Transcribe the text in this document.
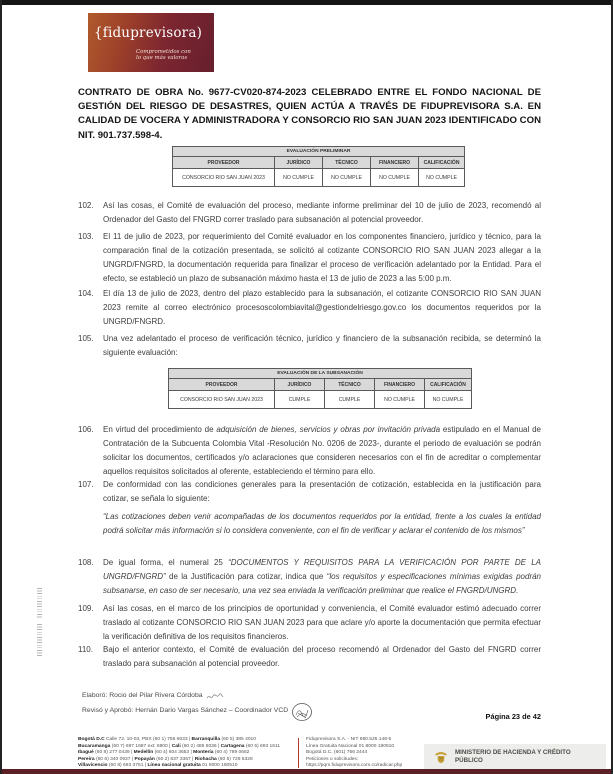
{fiduprevisora)
Comprometidos con
lo que más valoras
CONTRATO DE OBRA No. 9677-CV020-874-2023 CELEBRADO ENTRE EL FONDO NACIONAL DE GESTIÓN DEL RIESGO DE DESASTRES, QUIEN ACTÚA A TRAVÉS DE FIDUPREVISORA S.A. EN CALIDAD DE VOCERA Y ADMINISTRADORA Y CONSORCIO RIO SAN JUAN 2023 IDENTIFICADO CON NIT. 901.737.598-4.
EVALUACIÓN PRELIMINAR				
PROVEEDOR	JURÍDICO	TÉCNICO	FINANCIERO	CALIFICACIÓN
CONSORCIO RIO SAN JUAN 2023	NO CUMPLE	NO CUMPLE	NO CUMPLE	NO CUMPLE
102.	Así las cosas, el Comité de evaluación del proceso, mediante informe preliminar del 10 de julio de 2023, recomendó al Ordenador del Gasto del FNGRD correr traslado para subsanación al potencial proveedor.
103.	El 11 de julio de 2023, por requerimiento del Comité evaluador en los componentes financiero, jurídico y técnico, para la comparación final de la cotización presentada, se solicitó al cotizante CONSORCIO RIO SAN JUAN 2023 allegar a la UNGRD/FNGRD, la documentación requerida para finalizar el proceso de verificación adelantado por la Entidad. Para el efecto, se estableció un plazo de subsanación máximo hasta el 13 de julio de 2023 a las 5:00 p.m.
104.	El día 13 de julio de 2023, dentro del plazo establecido para la subsanación, el cotizante CONSORCIO RIO SAN JUAN 2023 remite al correo electrónico procesoscolombiavital@gestiondelriesgo.gov.co los documentos requeridos por la UNGRD/FNGRD.
105.	Una vez adelantado el proceso de verificación técnico, jurídico y financiero de la subsanación recibida, se determinó la siguiente evaluación:
EVALUACIÓN DE LA SUBSANACIÓN				
PROVEEDOR	JURÍDICO	TÉCNICO	FINANCIERO	CALIFICACIÓN
CONSORCIO RIO SAN JUAN 2023	CUMPLE	CUMPLE	NO CUMPLE	NO CUMPLE
106.	En virtud del procedimiento de adquisición de bienes, servicios y obras por invitación privada estipulado en el Manual de Contratación de la Subcuenta Colombia Vital -Resolución No. 0206 de 2023-, durante el periodo de evaluación se podrán solicitar los documentos, certificados y/o aclaraciones que consideren necesarios con el fin de acreditar o complementar aquellos requisitos solicitados al oferente, estableciendo el término para ello.
107.	De conformidad con las condiciones generales para la presentación de cotización, establecida en la justificación para cotizar, se señala lo siguiente:
“Las cotizaciones deben venir acompañadas de los documentos requeridos por la entidad, frente a los cuales la entidad podrá solicitar más información si lo considera conveniente, con el fin de verificar y aclarar el contenido de los mismos”
108.	De igual forma, el numeral 25 “DOCUMENTOS Y REQUISITOS PARA LA VERIFICACIÓN POR PARTE DE LA UNGRD/FNGRD” de la Justificación para cotizar, indica que “los requisitos y especificaciones mínimas exigidas podrán subsanarse, en caso de ser necesario, una vez sea enviada la verificación preliminar que realice el FNGRD/UNGRD.
109.	Así las cosas, en el marco de los principios de oportunidad y conveniencia, el Comité evaluador estimó adecuado correr traslado al cotizante CONSORCIO RIO SAN JUAN 2023 para que aclare y/o aporte la documentación que permita efectuar la verificación definitiva de los requisitos financieros.
110.	Bajo el anterior contexto, el Comité de evaluación del proceso recomendó al Ordenador del Gasto del FNGRD correr traslado para subsanación al potencial proveedor.
Elaboró: Rocio del Pilar Rivera Córdoba
Revisó y Aprobó: Hernán Dario Vargas Sánchez – Coordinador VCD
Página 23 de 42
Bogotá D.C Calle 72. 10-03, PBX (60 1) 756 6633 | Barranquilla (60 5) 385 4010
Bucaramanga (60 7) 697 1687 ext: 6900 | Cali (60 2) 485 5036 | Cartagena (60 5) 693 1611
Ibagué (60 8) 277 0439 | Medellín (60 4) 604 3653 | Montería (60 4) 789 0662
Pereira (60 6) 340 0937 | Popayán (60 2) 837 3367 | Riohacha (60 5) 729 5328
Villavicencio (60 8) 683 3751 | Línea nacional gratuita 01 8000 180510
Fiduprevisora S.A. - NIT 680.525.148-5
Línea Gratuita Nacional 01 8000 180510
Bogotá D.C. (601) 756 2444
Peticiones o solicitudes:
https://pqrs.fiduprevisora.com.co/radicar.php
MINISTERIO DE HACIENDA Y CRÉDITO PÚBLICO
